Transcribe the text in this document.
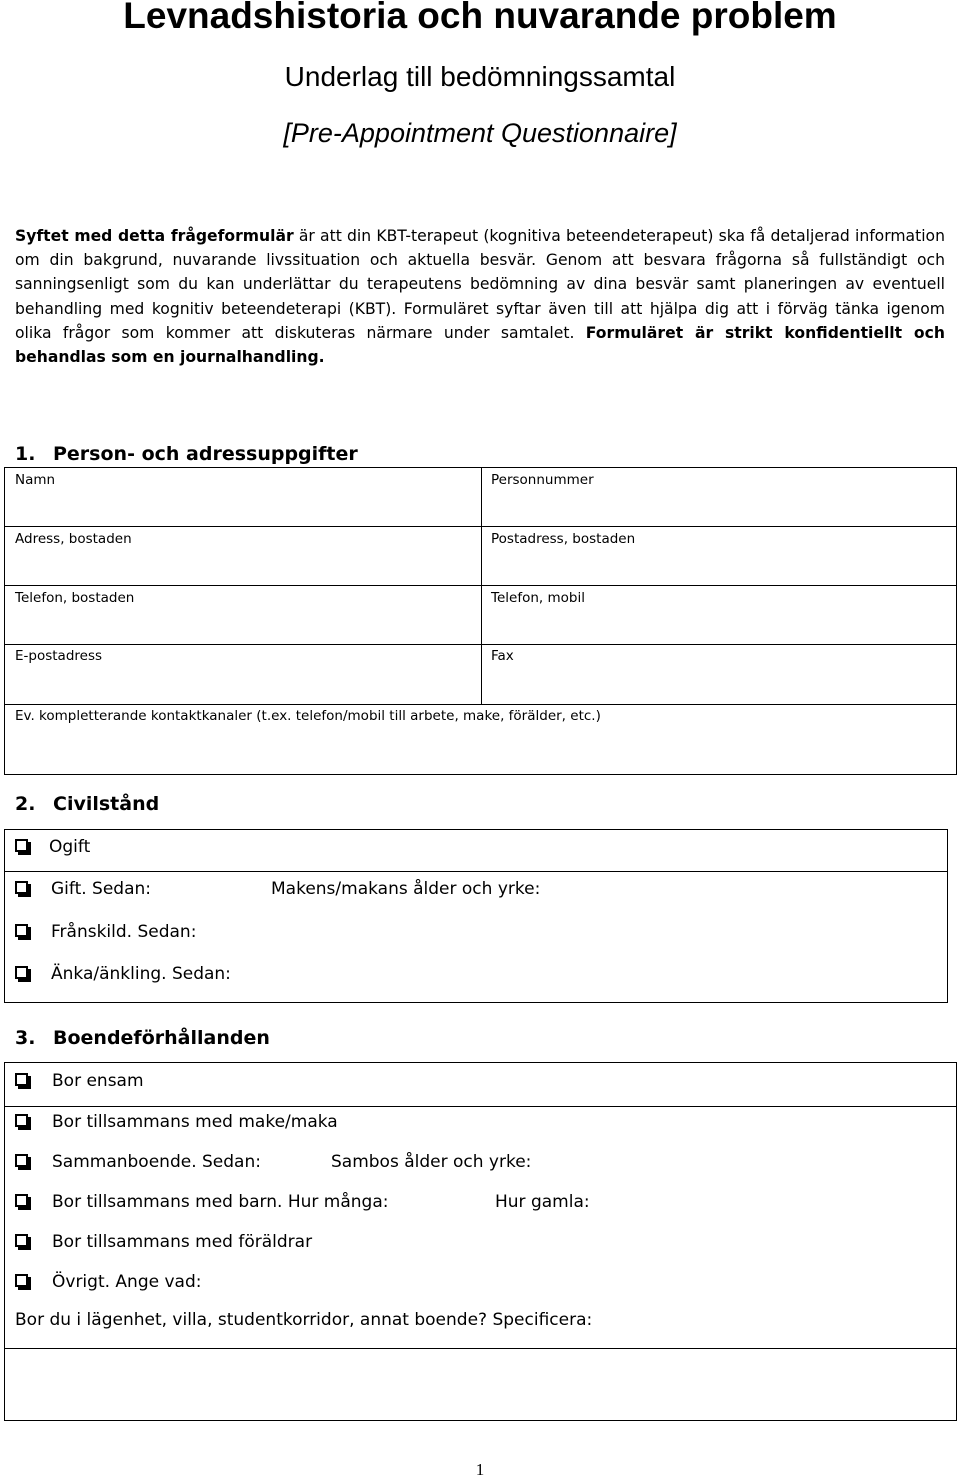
Levnadshistoria och nuvarande problem
Underlag till bedömningssamtal
[Pre-Appointment Questionnaire]
Syftet med detta frågeformulär är att din KBT-terapeut (kognitiva beteendeterapeut) ska få detaljerad information om din bakgrund, nuvarande livssituation och aktuella besvär. Genom att besvara frågorna så fullständigt och sanningsenligt som du kan underlättar du terapeutens bedömning av dina besvär samt planeringen av eventuell behandling med kognitiv beteendeterapi (KBT). Formuläret syftar även till att hjälpa dig att i förväg tänka igenom olika frågor som kommer att diskuteras närmare under samtalet. Formuläret är strikt konfidentiellt och behandlas som en journalhandling.
1. Person- och adressuppgifter
Namn	Personnummer
Adress, bostaden	Postadress, bostaden
Telefon, bostaden	Telefon, mobil
E-postadress	Fax
Ev. kompletterande kontaktkanaler (t.ex. telefon/mobil till arbete, make, förälder, etc.)
2. Civilstånd
Ogift
Gift. Sedan:	Makens/makans ålder och yrke:
Frånskild. Sedan:
Änka/änkling. Sedan:
3. Boendeförhållanden
Bor ensam
Bor tillsammans med make/maka
Sammanboende. Sedan:	Sambos ålder och yrke:
Bor tillsammans med barn. Hur många:	Hur gamla:
Bor tillsammans med föräldrar
Övrigt. Ange vad:
Bor du i lägenhet, villa, studentkorridor, annat boende? Specificera:
1
